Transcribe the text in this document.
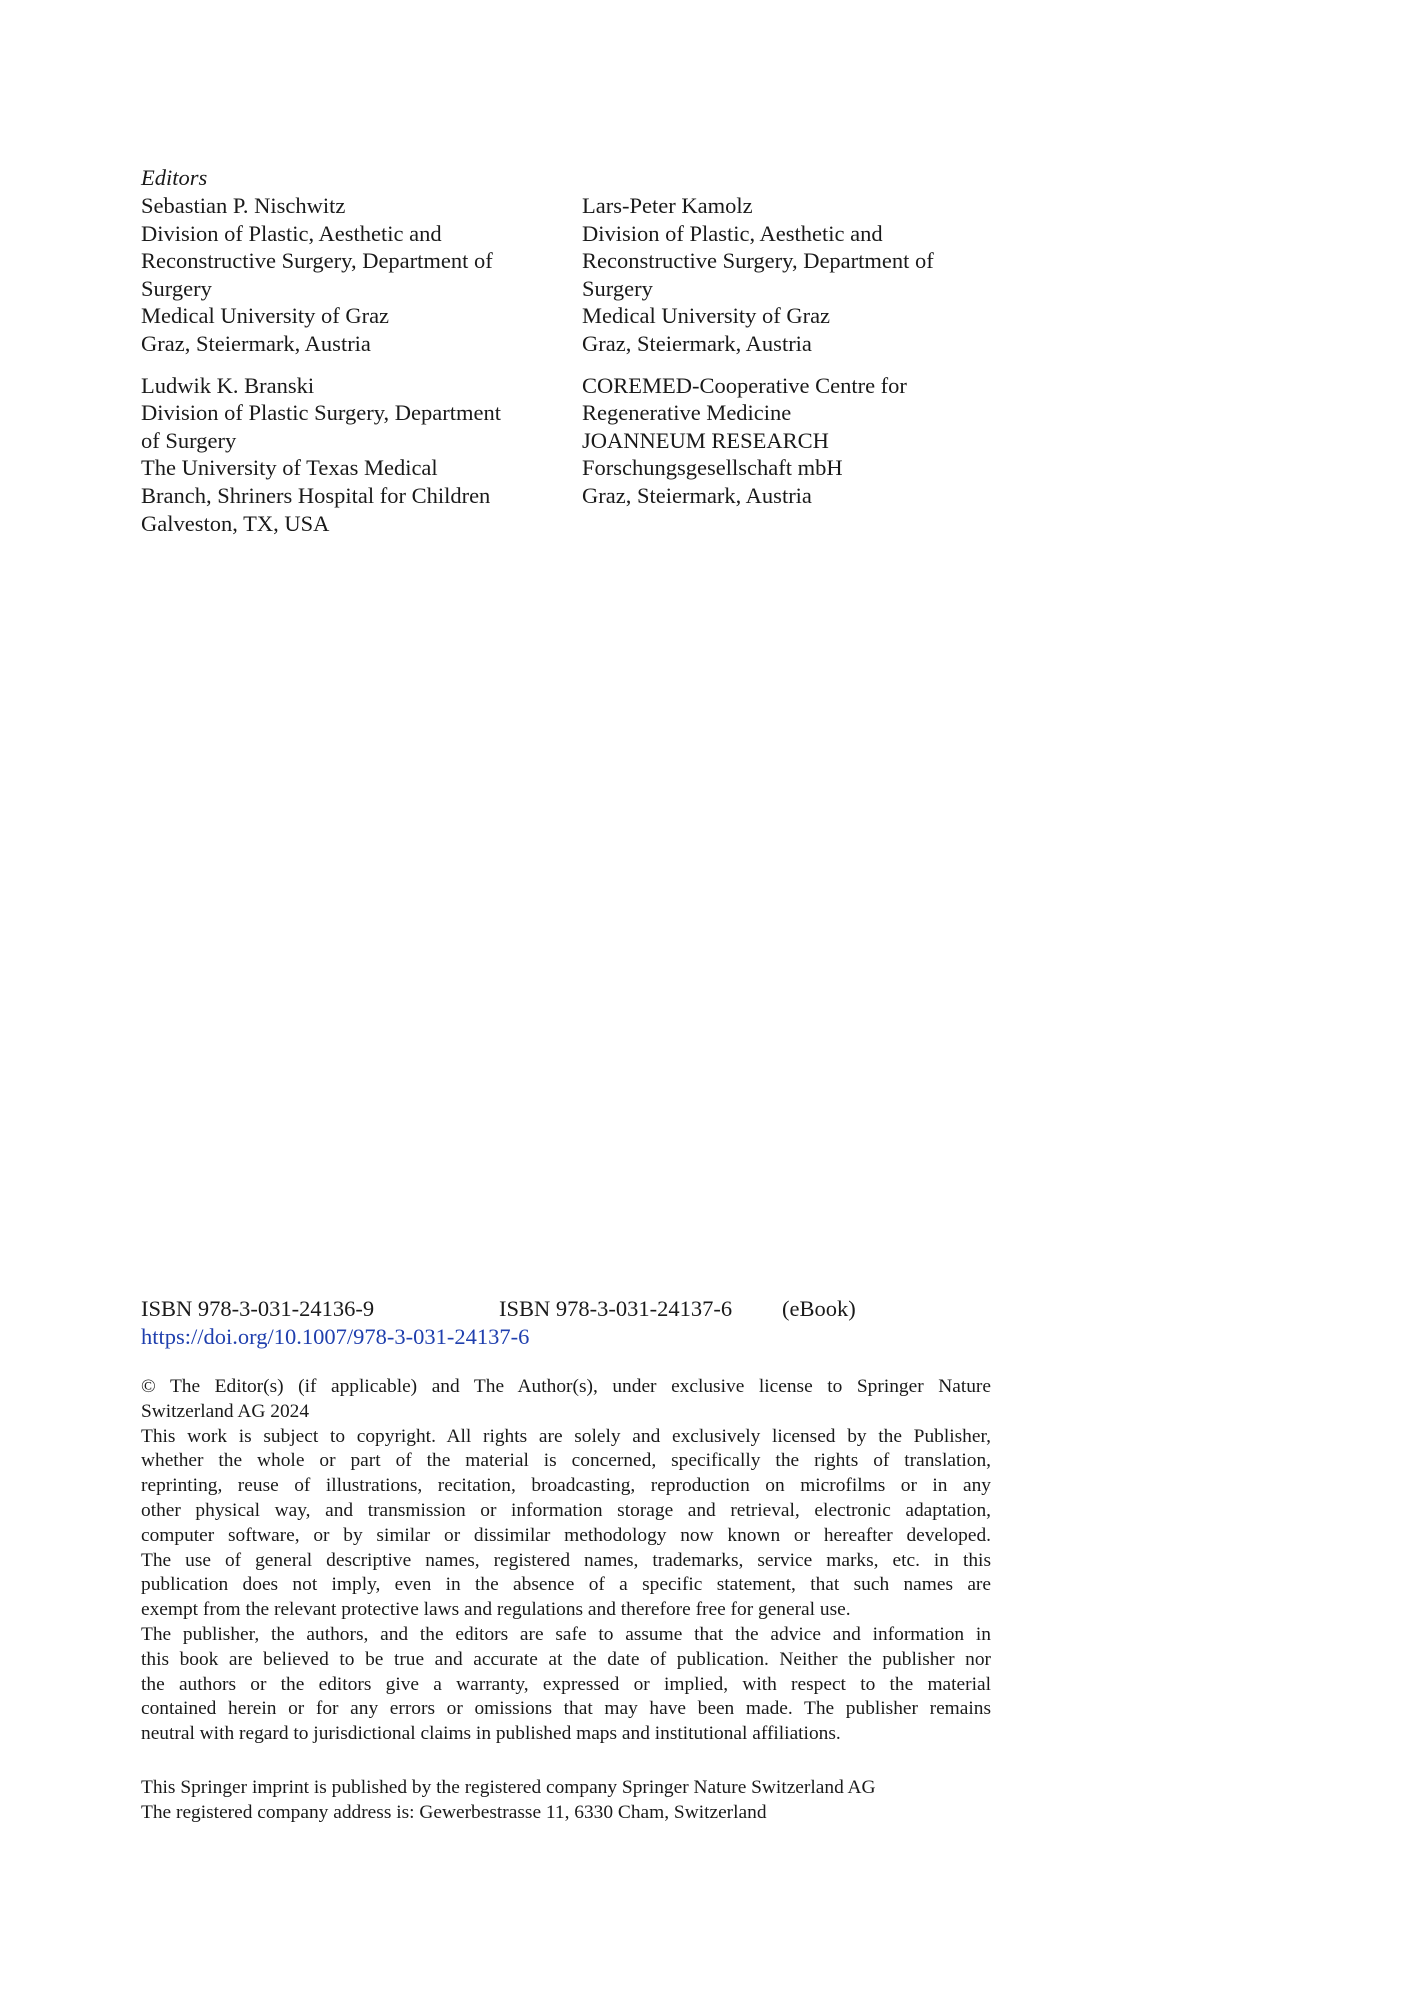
Editors
Sebastian P. Nischwitz
Division of Plastic, Aesthetic and
Reconstructive Surgery, Department of
Surgery
Medical University of Graz
Graz, Steiermark, Austria
Ludwik K. Branski
Division of Plastic Surgery, Department
of Surgery
The University of Texas Medical
Branch, Shriners Hospital for Children
Galveston, TX, USA
Lars-Peter Kamolz
Division of Plastic, Aesthetic and
Reconstructive Surgery, Department of
Surgery
Medical University of Graz
Graz, Steiermark, Austria
COREMED-Cooperative Centre for
Regenerative Medicine
JOANNEUM RESEARCH
Forschungsgesellschaft mbH
Graz, Steiermark, Austria
ISBN 978-3-031-24136-9	ISBN 978-3-031-24137-6 (eBook)
https://doi.org/10.1007/978-3-031-24137-6
© The Editor(s) (if applicable) and The Author(s), under exclusive license to Springer Nature
Switzerland AG 2024
This work is subject to copyright. All rights are solely and exclusively licensed by the Publisher,
whether the whole or part of the material is concerned, specifically the rights of translation,
reprinting, reuse of illustrations, recitation, broadcasting, reproduction on microfilms or in any
other physical way, and transmission or information storage and retrieval, electronic adaptation,
computer software, or by similar or dissimilar methodology now known or hereafter developed.
The use of general descriptive names, registered names, trademarks, service marks, etc. in this
publication does not imply, even in the absence of a specific statement, that such names are
exempt from the relevant protective laws and regulations and therefore free for general use.
The publisher, the authors, and the editors are safe to assume that the advice and information in
this book are believed to be true and accurate at the date of publication. Neither the publisher nor
the authors or the editors give a warranty, expressed or implied, with respect to the material
contained herein or for any errors or omissions that may have been made. The publisher remains
neutral with regard to jurisdictional claims in published maps and institutional affiliations.
This Springer imprint is published by the registered company Springer Nature Switzerland AG
The registered company address is: Gewerbestrasse 11, 6330 Cham, Switzerland
